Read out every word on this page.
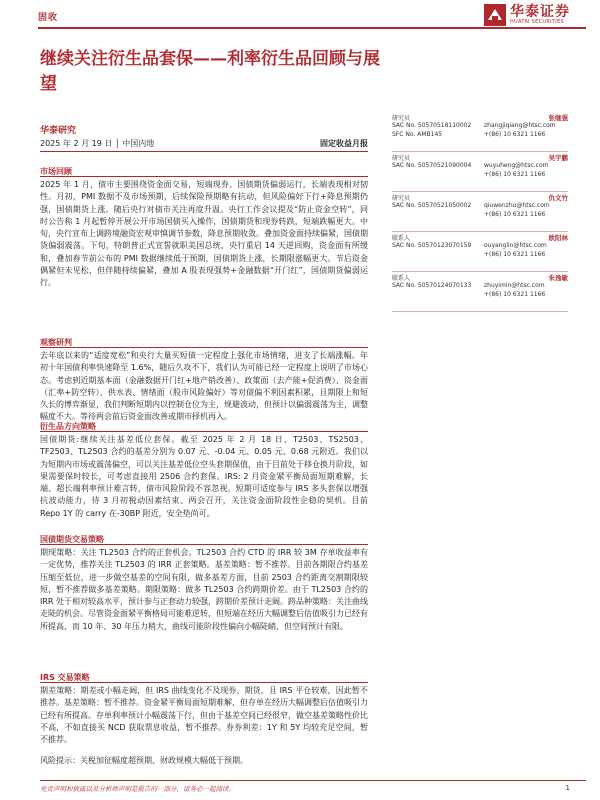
固收	华泰证券
HUATAI SECURITIES
继续关注衍生品套保——利率衍生品回顾与展望
华泰研究
2025 年 2 月 19 日 │ 中国内地	固定收益月报
市场回顾
2025 年 1 月，债市主要围绕资金面交易，短端现券、国债期货偏弱运行，长端表现相对韧性。月初，PMI 数据不及市场预期，后续保险预期略有抗动，但风险偏好下行+降息预期仍强，国债期货上涨。随后央行对债市关注再度升温。央行工作会议提及“防止资金空转”，同时公告称 1 月起暂停开展公开市场国债买入操作，国债期货和现券转跌，短端跌幅更大。中旬，央行宣布上调跨境融资宏观审慎调节参数，降息预期收敛。叠加资金面持续偏紧，国债期货偏弱震荡。下旬，特朗普正式宣誓就职美国总统，央行重启 14 天逆回购，资金面有所缓和，叠加春节前公布的 PMI 数据继续低于预期，国债期货上涨，长期限涨幅更大。节后资金偶紧但未见松，但伴随持续偏紧，叠加 A 股表现强势+金融数据“开门红”，国债期货偏弱运行。
观察研判
去年底以来的“适度宽松”和央行大量买短债一定程度上强化市场情绪，进支了长端涨幅。年初十年国债利率快速降至 1.6%，随后久攻不下，我们认为可能已经一定程度上说明了市场心态。考虑到近期基本面（金融数据开门红+地产销改善）、政策面（去产能+促消费）、资金面（汇率+防空转）、供水表、情绪面（股市风险偏好）等对债偏不利因素积累，且期限上和短久长的博弈渐显，我们判断短期内以控制仓位为主，规避波动，但预计以偏弱震荡为主，调整幅度不大。等待两会前后资金面改善或期市择机再入。
衍生品方向策略
国债期货:继续关注基差低位套保。截至 2025 年 2 月 18 日，T2503、TS2503、TF2503、TL2503 合约的基差分别为 0.07 元、-0.04 元、0.05 元、0.68 元附近。我们以为短期内市场或震荡偏空，可以关注基差低位空头套期保值，由于目前处于移仓换月阶段，如果需要保时较长，可考虑直接用 2506 合约套保。IRS: 2 月资金紧平衡局面短期难解，长端、超长端利率预计难言转，债市风险阶段不容忽视。短期可适度参与 IRS 多头套保以增强抗波动能力，待 3 月初税动因素结束、两会召开，关注资金面阶段性企稳的契机。目前 Repo 1Y 的 carry 在-30BP 附近，安全垫尚可。
国债期货交易策略
期现策略：关注 TL2503 合约的正套机会。TL2503 合约 CTD 的 IRR 较 3M 存单收益率有一定优势，推荐关注 TL2503 的 IRR 正套策略。基差策略：暂不推荐。目前各期限合约基差压缩至低位，进一步做空基差的空间有限，做多基差方面，目前 2503 合约距离交割期限较短，暂不推荐做多基差策略。期限策略：做多 TL2503 合约跨期价差。由于 TL2503 合约的 IRR 处于相对较高水平，预计参与正套动力较强，跨期价差预计走阔。跨品种策略：关注曲线走陡的机会。尽管资金面紧平衡格局可能难逆转，但短端在经历大幅调整后估值吸引力已经有所提高，而 10 年、30 年压力稍大，曲线可能阶段性偏向小幅陡峭，但空间预计有限。
IRS 交易策略
期差策略：期差或小幅走阔，但 IRS 曲线变化不及现券、期货，且 IRS 平仓较难，因此暂不推荐。基差策略：暂不推荐。资金紧平衡局面短期难解，但存单在经历大幅调整后估值吸引力已经有所提高。存单利率预计小幅震荡下行，但由于基差空间已经很窄，做空基差策略性价比不高，不如直接买 NCD 获取票息收益，暂不推荐。券券利差：1Y 和 5Y 均较充足空间，暂不推荐。
风险提示：关税加征幅度超预期、财政规模大幅低于预期。
研究员	张继强
SAC No. S0570518110002 zhangjiqiang@htsc.com
SFC No. AMB145	+(86) 10 6321 1166
研究员	吴宇鹏
SAC No. S0570521090004 wuyuheng@htsc.com
+(86) 10 6321 1166
研究员	仇文竹
SAC No. S0570521050002 qiuwenzhu@htsc.com
+(86) 10 6321 1166
联系人	欧阳林
SAC No. S0570123070159 ouyanglin@htsc.com
+(86) 10 6321 1166
联系人	朱逸敏
SAC No. S0570124070133 zhuyimin@htsc.com
+(86) 10 6321 1166
免责声明和披露以及分析师声明是报告的一部分，请务必一起阅读。	1
